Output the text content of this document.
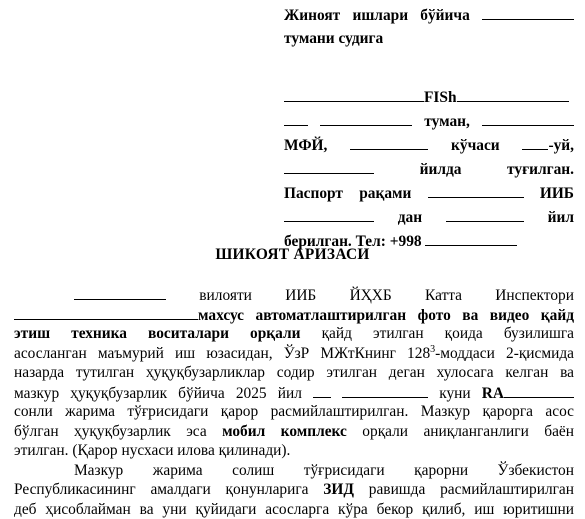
Жиноят ишлари бўйича
тумани судига
FISh
туман,
МФЙ,	кўчаси	-уй,
йилда	туғилган.
Паспорт рақами	ИИБ
дан	йил
берилган. Тел: +998
ШИКОЯТ АРИЗАСИ
вилояти ИИБ ЙҲХБ Катта Инспектори
махсус автоматлаштирилган фото ва видео қайд
этиш техника воситалари орқали қайд этилган қоида бузилишга
асосланган маъмурий иш юзасидан, ЎзР МЖтКнинг $128^3$-моддаси 2-қисмида
назарда тутилган ҳуқуқбузарликлар содир этилган деган хулосага келган ва
мазкур ҳуқуқбузарлик бўйича 2025 йил	куни RA
сонли жарима тўғрисидаги қарор расмийлаштирилган. Мазкур қарорга асос
бўлган ҳуқуқбузарлик эса мобил комплекс орқали аниқланганлиги баён
этилган. (Қарор нусхаси илова қилинади).
Мазкур жарима солиш тўғрисидаги қарорни Ўзбекистон
Республикасининг амалдаги қонунларига ЗИД равишда расмийлаштирилган
деб ҳисоблайман ва уни қуйидаги асосларга кўра бекор қилиб, иш юритишни
